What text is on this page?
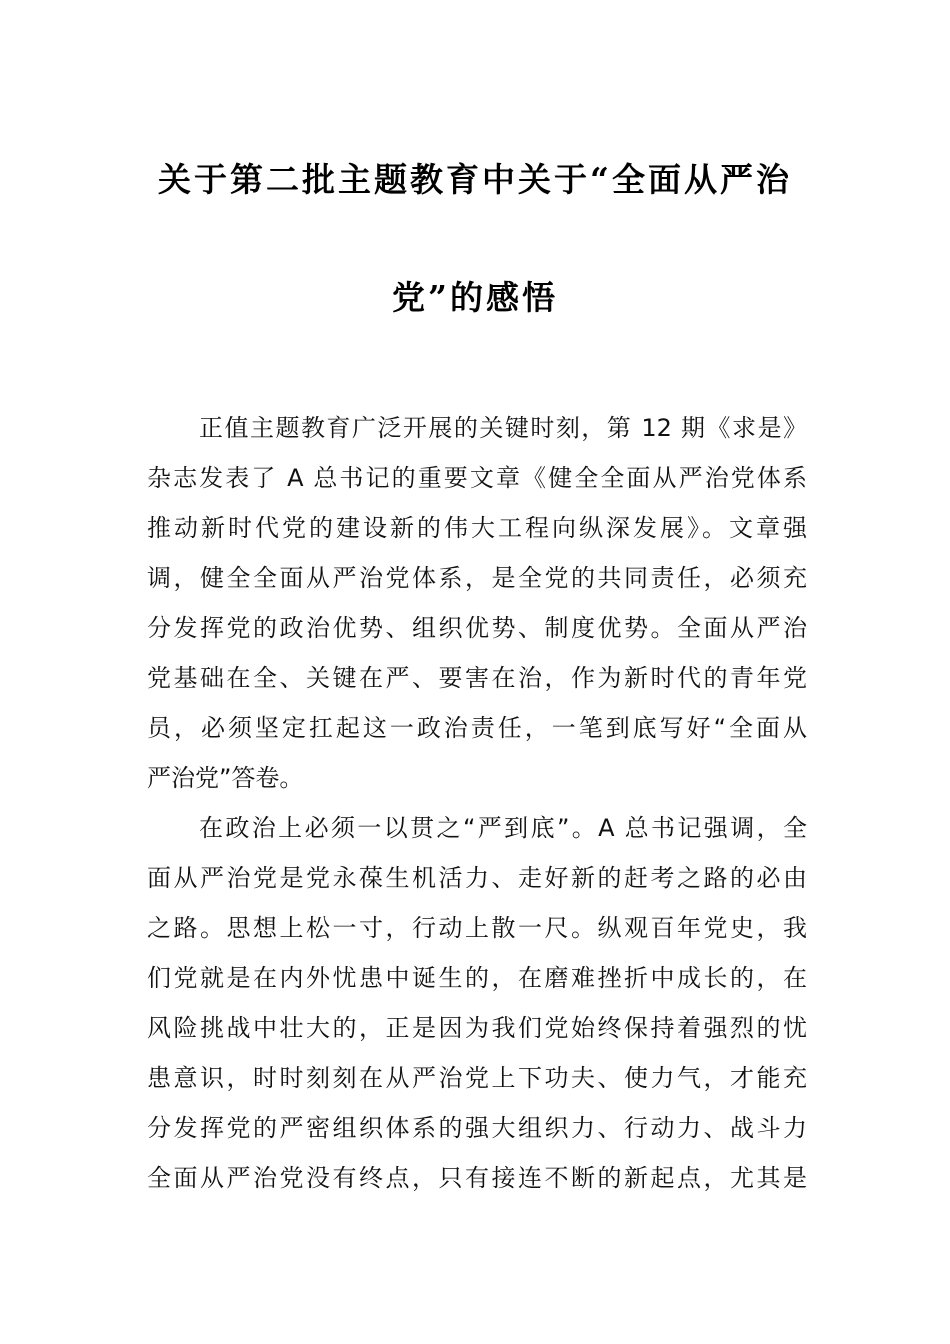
关于第二批主题教育中关于“全面从严治
党”的感悟
正值主题教育广泛开展的关键时刻，第 12 期《求是》
杂志发表了 A 总书记的重要文章《健全全面从严治党体系
推动新时代党的建设新的伟大工程向纵深发展》。文章强
调，健全全面从严治党体系，是全党的共同责任，必须充
分发挥党的政治优势、组织优势、制度优势。全面从严治
党基础在全、关键在严、要害在治，作为新时代的青年党
员，必须坚定扛起这一政治责任，一笔到底写好“全面从
严治党”答卷。
在政治上必须一以贯之“严到底”。A 总书记强调，全
面从严治党是党永葆生机活力、走好新的赶考之路的必由
之路。思想上松一寸，行动上散一尺。纵观百年党史，我
们党就是在内外忧患中诞生的，在磨难挫折中成长的，在
风险挑战中壮大的，正是因为我们党始终保持着强烈的忧
患意识，时时刻刻在从严治党上下功夫、使力气，才能充
分发挥党的严密组织体系的强大组织力、行动力、战斗力
全面从严治党没有终点，只有接连不断的新起点，尤其是
